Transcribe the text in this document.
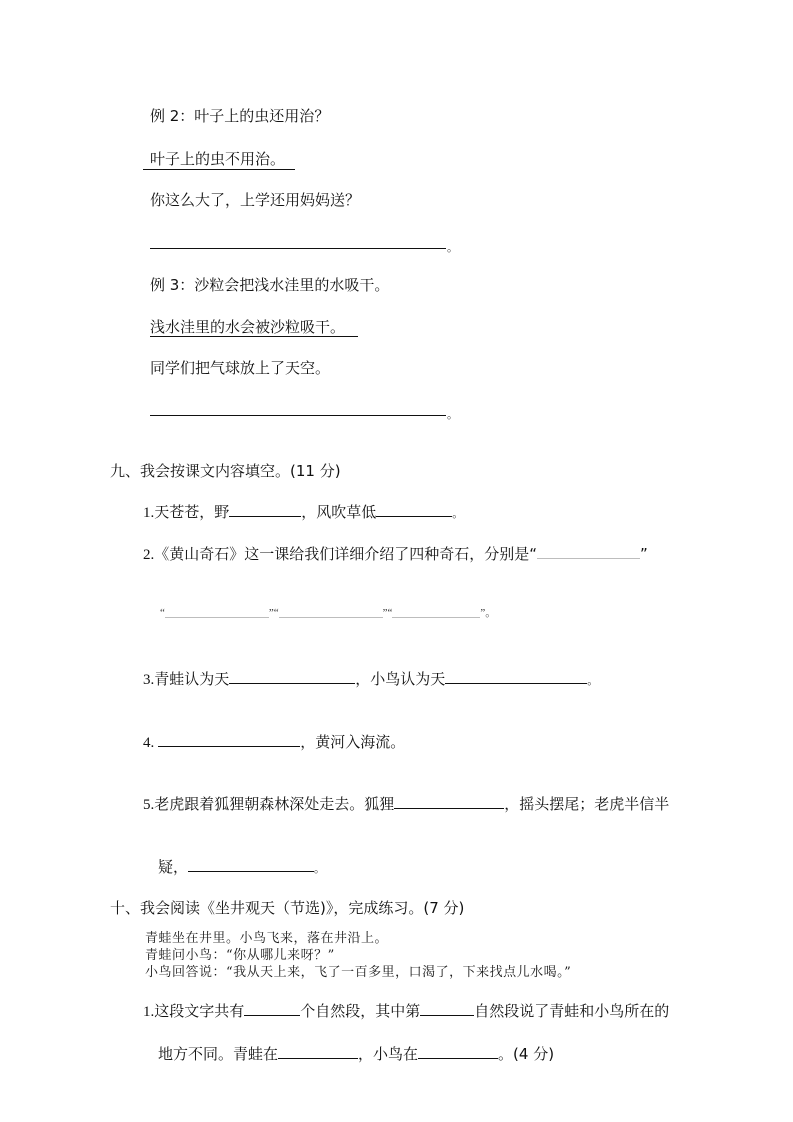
例 2：叶子上的虫还用治？
叶子上的虫不用治。
你这么大了，上学还用妈妈送？
。
例 3：沙粒会把浅水洼里的水吸干。
浅水洼里的水会被沙粒吸干。
同学们把气球放上了天空。
。
九、我会按课文内容填空。(11 分)
1.天苍苍，野	，风吹草低	。
2.《黄山奇石》这一课给我们详细介绍了四种奇石，分别是“	”
“	”“	”“	”。
3.青蛙认为天	，小鸟认为天	。
4.	，黄河入海流。
5.老虎跟着狐狸朝森林深处走去。狐狸	，摇头摆尾；老虎半信半
疑，	。
十、我会阅读《坐井观天（节选)》，完成练习。(7 分)
青蛙坐在井里。小鸟飞来，落在井沿上。
青蛙问小鸟：“你从哪儿来呀？”
小鸟回答说：“我从天上来，飞了一百多里，口渴了，下来找点儿水喝。”
1.这段文字共有	个自然段，其中第	自然段说了青蛙和小鸟所在的
地方不同。青蛙在	，小鸟在	。(4 分)
